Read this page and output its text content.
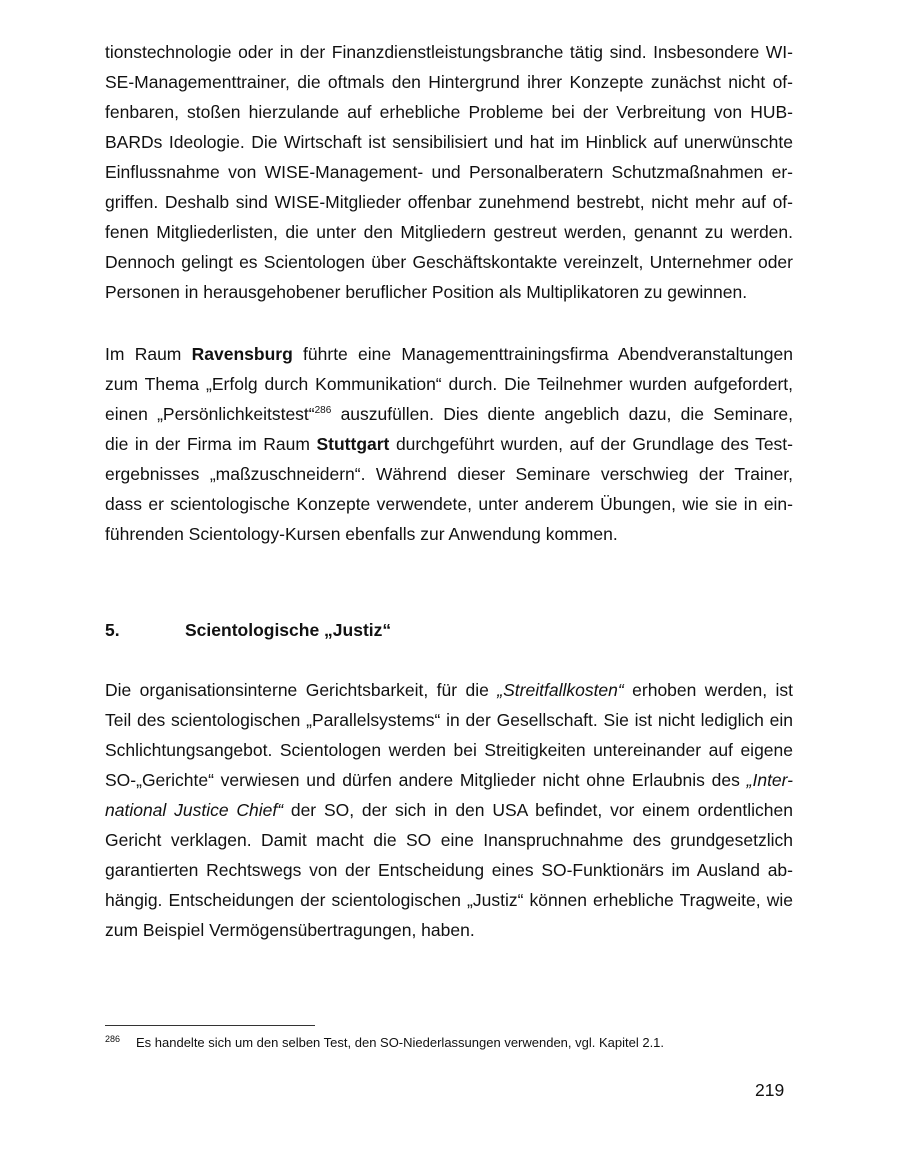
tionstechnologie oder in der Finanzdienstleistungsbranche tätig sind. Insbesondere WI-
SE-Managementtrainer, die oftmals den Hintergrund ihrer Konzepte zunächst nicht of-
fenbaren, stoßen hierzulande auf erhebliche Probleme bei der Verbreitung von HUB-
BARDs Ideologie. Die Wirtschaft ist sensibilisiert und hat im Hinblick auf unerwünschte
Einflussnahme von WISE-Management- und Personalberatern Schutzmaßnahmen er-
griffen. Deshalb sind WISE-Mitglieder offenbar zunehmend bestrebt, nicht mehr auf of-
fenen Mitgliederlisten, die unter den Mitgliedern gestreut werden, genannt zu werden.
Dennoch gelingt es Scientologen über Geschäftskontakte vereinzelt, Unternehmer oder
Personen in herausgehobener beruflicher Position als Multiplikatoren zu gewinnen.
Im Raum Ravensburg führte eine Managementtrainingsfirma Abendveranstaltungen
zum Thema „Erfolg durch Kommunikation“ durch. Die Teilnehmer wurden aufgefordert,
einen „Persönlichkeitstest“$^{286}$ auszufüllen. Dies diente angeblich dazu, die Seminare,
die in der Firma im Raum Stuttgart durchgeführt wurden, auf der Grundlage des Test-
ergebnisses „maßzuschneidern“. Während dieser Seminare verschwieg der Trainer,
dass er scientologische Konzepte verwendete, unter anderem Übungen, wie sie in ein-
führenden Scientology-Kursen ebenfalls zur Anwendung kommen.
5.	Scientologische „Justiz“
Die organisationsinterne Gerichtsbarkeit, für die „Streitfallkosten“ erhoben werden, ist
Teil des scientologischen „Parallelsystems“ in der Gesellschaft. Sie ist nicht lediglich ein
Schlichtungsangebot. Scientologen werden bei Streitigkeiten untereinander auf eigene
SO-„Gerichte“ verwiesen und dürfen andere Mitglieder nicht ohne Erlaubnis des „Inter-
national Justice Chief“ der SO, der sich in den USA befindet, vor einem ordentlichen
Gericht verklagen. Damit macht die SO eine Inanspruchnahme des grundgesetzlich
garantierten Rechtswegs von der Entscheidung eines SO-Funktionärs im Ausland ab-
hängig. Entscheidungen der scientologischen „Justiz“ können erhebliche Tragweite, wie
zum Beispiel Vermögensübertragungen, haben.
286 Es handelte sich um den selben Test, den SO-Niederlassungen verwenden, vgl. Kapitel 2.1.
219
